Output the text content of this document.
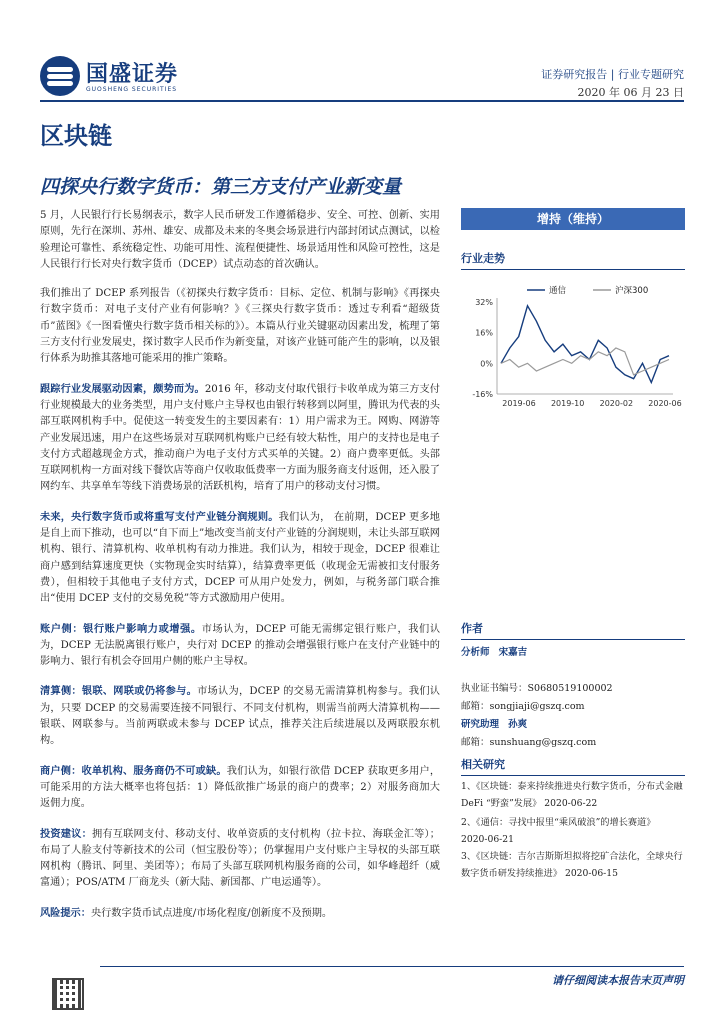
国盛证券
GUOSHENG SECURITIES
证券研究报告 | 行业专题研究
2020 年 06 月 23 日
区块链
四探央行数字货币：第三方支付产业新变量

5 月，人民银行行长易纲表示，数字人民币研发工作遵循稳步、安全、可控、创新、实用原则，先行在深圳、苏州、雄安、成都及未来的冬奥会场景进行内部封闭试点测试，以检验理论可靠性、系统稳定性、功能可用性、流程便捷性、场景适用性和风险可控性，这是人民银行行长对央行数字货币（DCEP）试点动态的首次确认。

我们推出了 DCEP 系列报告（《初探央行数字货币：目标、定位、机制与影响》《再探央行数字货币：对电子支付产业有何影响？》《三探央行数字货币：透过专利看“超级货币”蓝图》《一图看懂央行数字货币相关标的》）。本篇从行业关键驱动因素出发，梳理了第三方支付行业发展史，探讨数字人民币作为新变量，对该产业链可能产生的影响，以及银行体系为助推其落地可能采用的推广策略。

跟踪行业发展驱动因素，颇势而为。2016 年，移动支付取代银行卡收单成为第三方支付行业规模最大的业务类型，用户支付账户主导权也由银行转移到以阿里，腾讯为代表的头部互联网机构手中。促使这一转变发生的主要因素有：1）用户需求为王。网购、网游等产业发展迅速，用户在这些场景对互联网机构账户已经有较大粘性，用户的支持也是电子支付方式超越现金方式，推动商户为电子支付方式买单的关键。2）商户费率更低。头部互联网机构一方面对线下餐饮店等商户仅收取低费率一方面为服务商支付返佣，还入股了网约车、共享单车等线下消费场景的活跃机构，培育了用户的移动支付习惯。

未来，央行数字货币或将重写支付产业链分润规则。我们认为， 在前期，DCEP 更多地是自上而下推动，也可以“自下而上”地改变当前支付产业链的分润规则，未让头部互联网机构、银行、清算机构、收单机构有动力推进。我们认为，相较于现金，DCEP 很难让商户感到结算速度更快（实物现金实时结算），结算费率更低（收现金无需被扣支付服务费），但相较于其他电子支付方式，DCEP 可从用户处发力，例如，与税务部门联合推出“使用 DCEP 支付的交易免税”等方式激励用户使用。

账户侧：银行账户影响力或增强。市场认为，DCEP 可能无需绑定银行账户，我们认为，DCEP 无法脱离银行账户，央行对 DCEP 的推动会增强银行账户在支付产业链中的影响力、银行有机会夺回用户侧的账户主导权。

清算侧：银联、网联或仍将参与。市场认为，DCEP 的交易无需清算机构参与。我们认为，只要 DCEP 的交易需要连接不同银行、不同支付机构，则需当前两大清算机构——银联、网联参与。当前两联或未参与 DCEP 试点，推荐关注后续进展以及两联股东机构。

商户侧：收单机构、服务商仍不可或缺。我们认为，如银行欲借 DCEP 获取更多用户，可能采用的方法大概率也将包括：1）降低欲推广场景的商户的费率；2）对服务商加大返佣力度。

投资建议：拥有互联网支付、移动支付、收单资质的支付机构（拉卡拉、海联金汇等）；布局了人脸支付等新技术的公司（恒宝股份等）；仍掌握用户支付账户主导权的头部互联网机构（腾讯、阿里、美团等）；布局了头部互联网机构服务商的公司，如华峰超纤（威富通）；POS/ATM 厂商龙头（新大陆、新国都、广电运通等）。

风险提示：央行数字货币试点进度/市场化程度/创新度不及预期。

增持（维持）
行业走势
32%
16%
0%
-16%
2019-06 2019-10 2020-02 2020-06
通信	沪深300
作者
分析师 宋嘉吉
执业证书编号：S0680519100002
邮箱：songjiaji@gszq.com
研究助理 孙爽
邮箱：sunshuang@gszq.com
相关研究
1、《区块链：泰来持续推进央行数字货币，分布式金融 DeFi “野蛮”发展》 2020-06-22
2、《通信：寻找中报里“乘风破浪”的增长赛道》
2020-06-21
3、《区块链：吉尔吉斯斯坦拟将挖矿合法化，全球央行数字货币研发持续推进》 2020-06-15
请仔细阅读本报告末页声明
